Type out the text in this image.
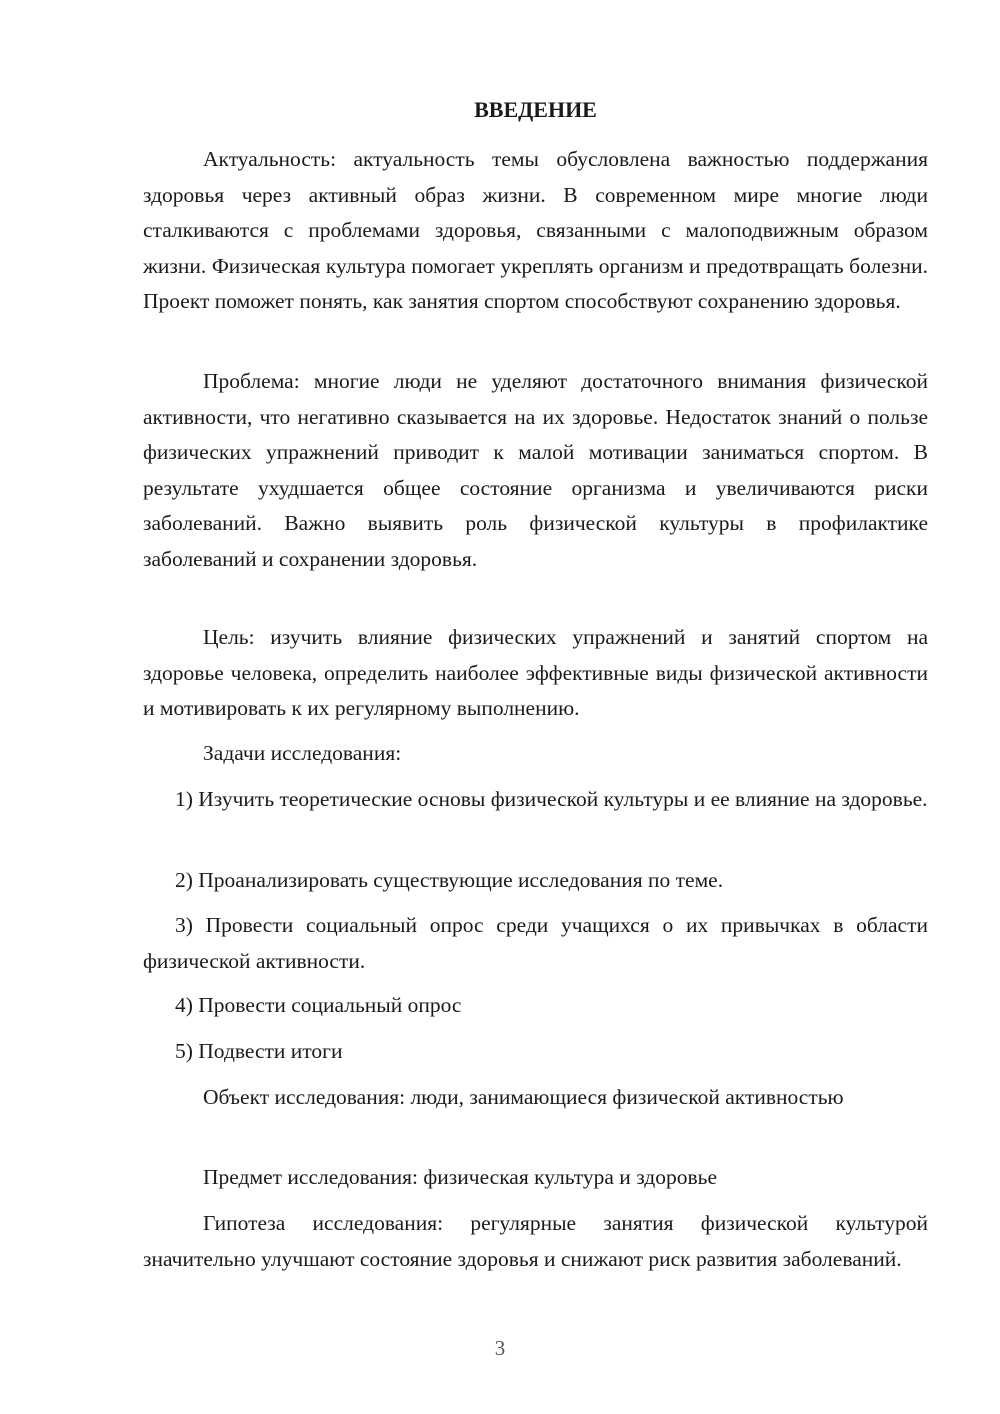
ВВЕДЕНИЕ

Актуальность: актуальность темы обусловлена важностью поддержания здоровья через активный образ жизни. В современном мире многие люди сталкиваются с проблемами здоровья, связанными с малоподвижным образом жизни. Физическая культура помогает укреплять организм и предотвращать болезни. Проект поможет понять, как занятия спортом способствуют сохранению здоровья.

Проблема: многие люди не уделяют достаточного внимания физической активности, что негативно сказывается на их здоровье. Недостаток знаний о пользе физических упражнений приводит к малой мотивации заниматься спортом. В результате ухудшается общее состояние организма и увеличиваются риски заболеваний. Важно выявить роль физической культуры в профилактике заболеваний и сохранении здоровья.

Цель: изучить влияние физических упражнений и занятий спортом на здоровье человека, определить наиболее эффективные виды физической активности и мотивировать к их регулярному выполнению.

Задачи исследования:

1) Изучить теоретические основы физической культуры и ее влияние на здоровье.

2) Проанализировать существующие исследования по теме.

3) Провести социальный опрос среди учащихся о их привычках в области физической активности.

4) Провести социальный опрос

5) Подвести итоги

Объект исследования: люди, занимающиеся физической активностью

Предмет исследования: физическая культура и здоровье

Гипотеза исследования: регулярные занятия физической культурой значительно улучшают состояние здоровья и снижают риск развития заболеваний.

3
